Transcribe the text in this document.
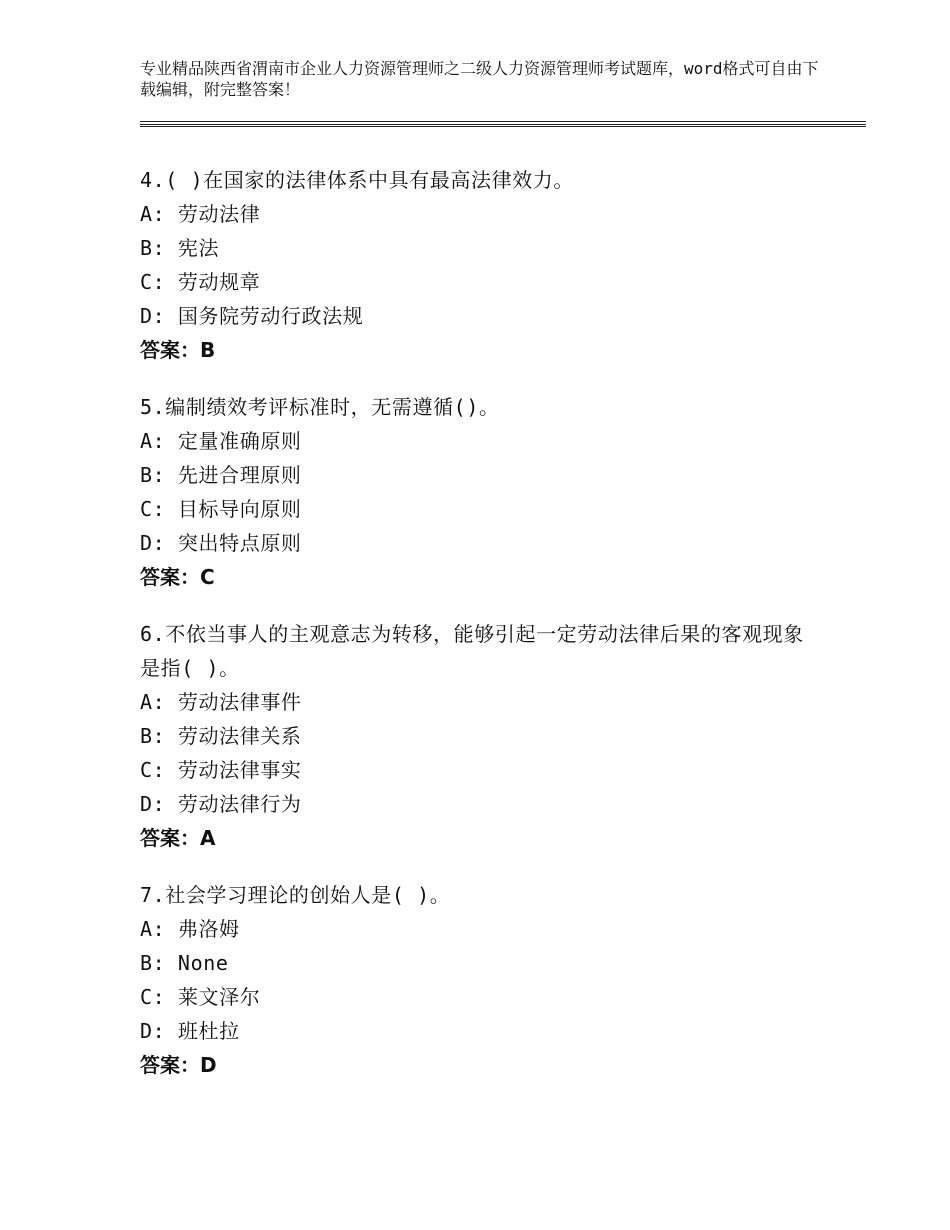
专业精品陕西省渭南市企业人力资源管理师之二级人力资源管理师考试题库，word格式可自由下载编辑，附完整答案！
4.( )在国家的法律体系中具有最高法律效力。
A: 劳动法律
B: 宪法
C: 劳动规章
D: 国务院劳动行政法规
答案：B
5.编制绩效考评标准时，无需遵循()。
A: 定量准确原则
B: 先进合理原则
C: 目标导向原则
D: 突出特点原则
答案：C
6.不依当事人的主观意志为转移，能够引起一定劳动法律后果的客观现象是指( )。
A: 劳动法律事件
B: 劳动法律关系
C: 劳动法律事实
D: 劳动法律行为
答案：A
7.社会学习理论的创始人是( )。
A: 弗洛姆
B: None
C: 莱文泽尔
D: 班杜拉
答案：D
